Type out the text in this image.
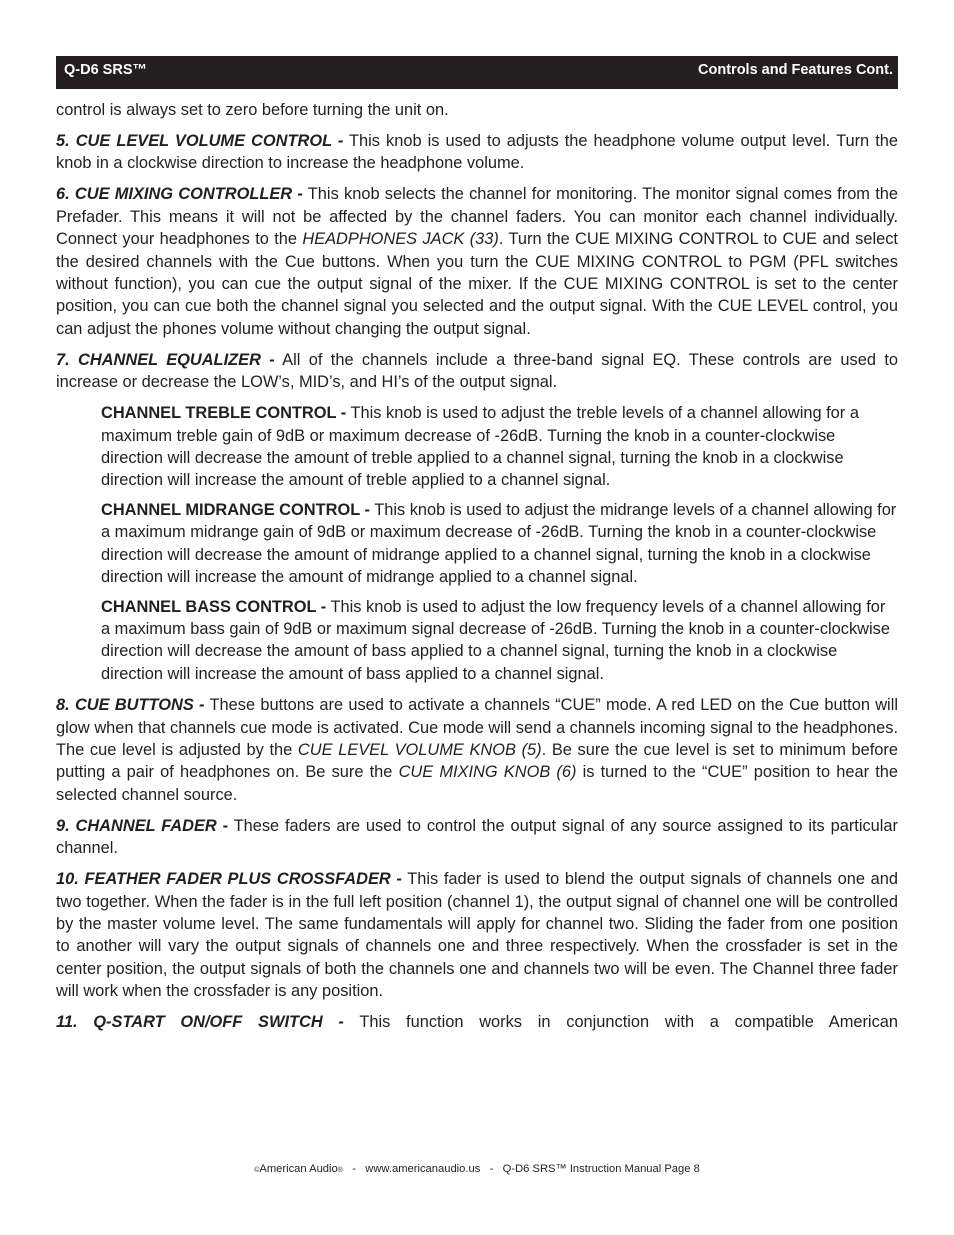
Q-D6 SRS™	Controls and Features Cont.

control is always set to zero before turning the unit on.

5. CUE LEVEL VOLUME CONTROL - This knob is used to adjusts the headphone volume output level. Turn the knob in a clockwise direction to increase the headphone volume.

6. CUE MIXING CONTROLLER - This knob selects the channel for monitoring. The monitor signal comes from the Prefader. This means it will not be affected by the channel faders. You can monitor each channel individually. Connect your headphones to the HEADPHONES JACK (33). Turn the CUE MIXING CONTROL to CUE and select the desired channels with the Cue buttons. When you turn the CUE MIXING CONTROL to PGM (PFL switches without function), you can cue the output signal of the mixer. If the CUE MIXING CONTROL is set to the center position, you can cue both the channel signal you selected and the output signal. With the CUE LEVEL control, you can adjust the phones volume without changing the output signal.

7. CHANNEL EQUALIZER - All of the channels include a three-band signal EQ. These controls are used to increase or decrease the LOW’s, MID’s, and HI’s of the output signal.

CHANNEL TREBLE CONTROL - This knob is used to adjust the treble levels of a channel allowing for a maximum treble gain of 9dB or maximum decrease of -26dB. Turning the knob in a counter-clockwise direction will decrease the amount of treble applied to a channel signal, turning the knob in a clockwise direction will increase the amount of treble applied to a channel signal.

CHANNEL MIDRANGE CONTROL - This knob is used to adjust the midrange levels of a channel allowing for a maximum midrange gain of 9dB or maximum decrease of -26dB. Turning the knob in a counter-clockwise direction will decrease the amount of midrange applied to a channel signal, turning the knob in a clockwise direction will increase the amount of midrange applied to a channel signal.

CHANNEL BASS CONTROL - This knob is used to adjust the low frequency levels of a channel allowing for a maximum bass gain of 9dB or maximum signal decrease of -26dB. Turning the knob in a counter-clockwise direction will decrease the amount of bass applied to a channel signal, turning the knob in a clockwise direction will increase the amount of bass applied to a channel signal.

8. CUE BUTTONS - These buttons are used to activate a channels “CUE” mode. A red LED on the Cue button will glow when that channels cue mode is activated. Cue mode will send a channels incoming signal to the headphones. The cue level is adjusted by the CUE LEVEL VOLUME KNOB (5). Be sure the cue level is set to minimum before putting a pair of headphones on. Be sure the CUE MIXING KNOB (6) is turned to the “CUE” position to hear the selected channel source.

9. CHANNEL FADER - These faders are used to control the output signal of any source assigned to its particular channel.

10. FEATHER FADER PLUS CROSSFADER - This fader is used to blend the output signals of channels one and two together. When the fader is in the full left position (channel 1), the output signal of channel one will be controlled by the master volume level. The same fundamentals will apply for channel two. Sliding the fader from one position to another will vary the output signals of channels one and three respectively. When the crossfader is set in the center position, the output signals of both the channels one and channels two will be even. The Channel three fader will work when the crossfader is any position.

11. Q-START ON/OFF SWITCH - This function works in conjunction with a compatible American

©American Audio®   -   www.americanaudio.us   -   Q-D6 SRS™ Instruction Manual Page 8
